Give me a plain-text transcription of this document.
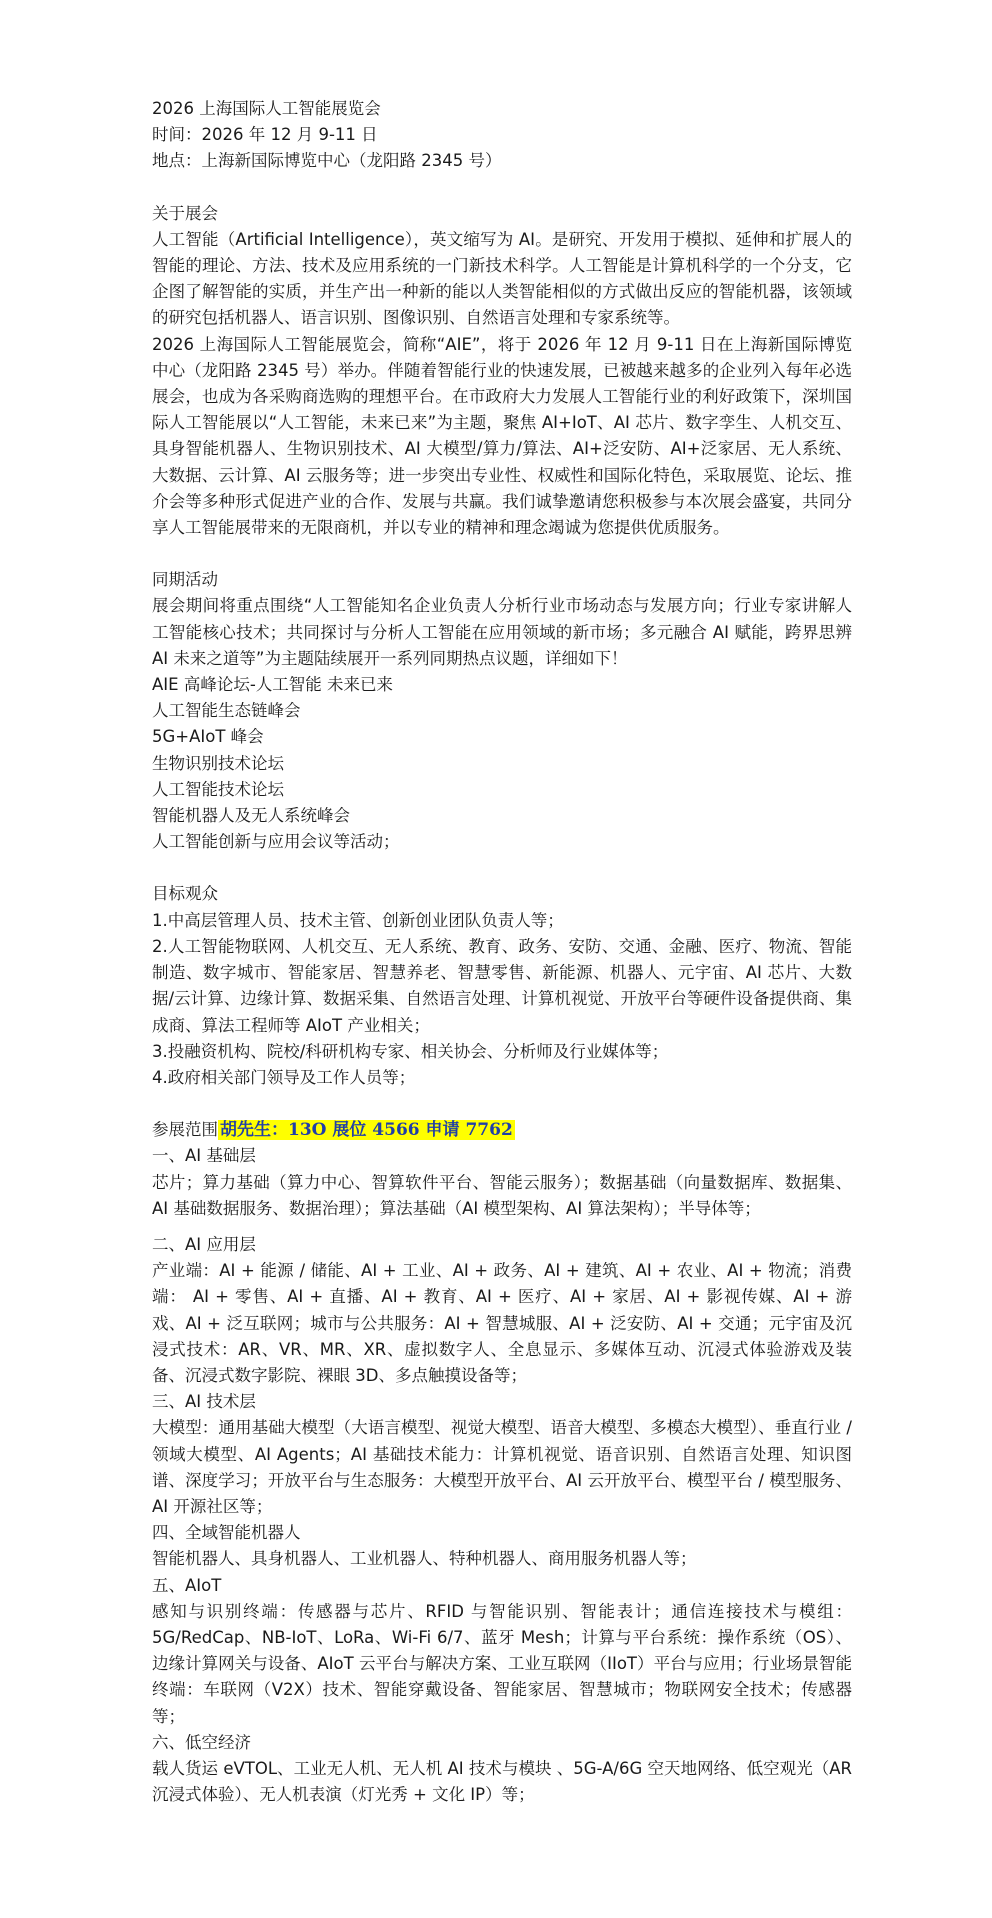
2026 上海国际人工智能展览会
时间：2026 年 12 月 9-11 日
地点：上海新国际博览中心（龙阳路 2345 号）
关于展会
人工智能（Artificial Intelligence），英文缩写为 AI。是研究、开发用于模拟、延伸和扩展人的智能的理论、方法、技术及应用系统的一门新技术科学。人工智能是计算机科学的一个分支，它企图了解智能的实质，并生产出一种新的能以人类智能相似的方式做出反应的智能机器，该领域的研究包括机器人、语言识别、图像识别、自然语言处理和专家系统等。
2026 上海国际人工智能展览会，简称“AIE”，将于 2026 年 12 月 9-11 日在上海新国际博览中心（龙阳路 2345 号）举办。伴随着智能行业的快速发展，已被越来越多的企业列入每年必选展会，也成为各采购商选购的理想平台。在市政府大力发展人工智能行业的利好政策下，深圳国际人工智能展以“人工智能，未来已来”为主题，聚焦 AI+IoT、AI 芯片、数字孪生、人机交互、具身智能机器人、生物识别技术、AI 大模型/算力/算法、AI+泛安防、AI+泛家居、无人系统、大数据、云计算、AI 云服务等；进一步突出专业性、权威性和国际化特色，采取展览、论坛、推介会等多种形式促进产业的合作、发展与共赢。我们诚挚邀请您积极参与本次展会盛宴，共同分享人工智能展带来的无限商机，并以专业的精神和理念竭诚为您提供优质服务。
同期活动
展会期间将重点围绕“人工智能知名企业负责人分析行业市场动态与发展方向；行业专家讲解人工智能核心技术；共同探讨与分析人工智能在应用领域的新市场；多元融合 AI 赋能，跨界思辨 AI 未来之道等”为主题陆续展开一系列同期热点议题，详细如下！
AIE 高峰论坛-人工智能 未来已来
人工智能生态链峰会
5G+AIoT 峰会
生物识别技术论坛
人工智能技术论坛
智能机器人及无人系统峰会
人工智能创新与应用会议等活动；
目标观众
1.中高层管理人员、技术主管、创新创业团队负责人等；
2.人工智能物联网、人机交互、无人系统、教育、政务、安防、交通、金融、医疗、物流、智能制造、数字城市、智能家居、智慧养老、智慧零售、新能源、机器人、元宇宙、AI 芯片、大数据/云计算、边缘计算、数据采集、自然语言处理、计算机视觉、开放平台等硬件设备提供商、集成商、算法工程师等 AIoT 产业相关；
3.投融资机构、院校/科研机构专家、相关协会、分析师及行业媒体等；
4.政府相关部门领导及工作人员等；
参展范围 胡先生：13O 展位 4566 申请 7762
一、AI 基础层
芯片；算力基础（算力中心、智算软件平台、智能云服务）；数据基础（向量数据库、数据集、AI 基础数据服务、数据治理）；算法基础（AI 模型架构、AI 算法架构）；半导体等；
二、AI 应用层
产业端：AI + 能源 / 储能、AI + 工业、AI + 政务、AI + 建筑、AI + 农业、AI + 物流；消费端： AI + 零售、AI + 直播、AI + 教育、AI + 医疗、AI + 家居、AI + 影视传媒、AI + 游戏、AI + 泛互联网；城市与公共服务：AI + 智慧城服、AI + 泛安防、AI + 交通；元宇宙及沉浸式技术：AR、VR、MR、XR、虚拟数字人、全息显示、多媒体互动、沉浸式体验游戏及装备、沉浸式数字影院、裸眼 3D、多点触摸设备等；
三、AI 技术层
大模型：通用基础大模型（大语言模型、视觉大模型、语音大模型、多模态大模型）、垂直行业 / 领域大模型、AI Agents；AI 基础技术能力：计算机视觉、语音识别、自然语言处理、知识图谱、深度学习；开放平台与生态服务：大模型开放平台、AI 云开放平台、模型平台 / 模型服务、AI 开源社区等；
四、全域智能机器人
智能机器人、具身机器人、工业机器人、特种机器人、商用服务机器人等；
五、AIoT
感知与识别终端：传感器与芯片、RFID 与智能识别、智能表计；通信连接技术与模组：5G/RedCap、NB-IoT、LoRa、Wi-Fi 6/7、蓝牙 Mesh；计算与平台系统：操作系统（OS）、边缘计算网关与设备、AIoT 云平台与解决方案、工业互联网（IIoT）平台与应用；行业场景智能终端：车联网（V2X）技术、智能穿戴设备、智能家居、智慧城市；物联网安全技术；传感器等；
六、低空经济
载人货运 eVTOL、工业无人机、无人机 AI 技术与模块 、5G-A/6G 空天地网络、低空观光（AR 沉浸式体验）、无人机表演（灯光秀 + 文化 IP）等；
